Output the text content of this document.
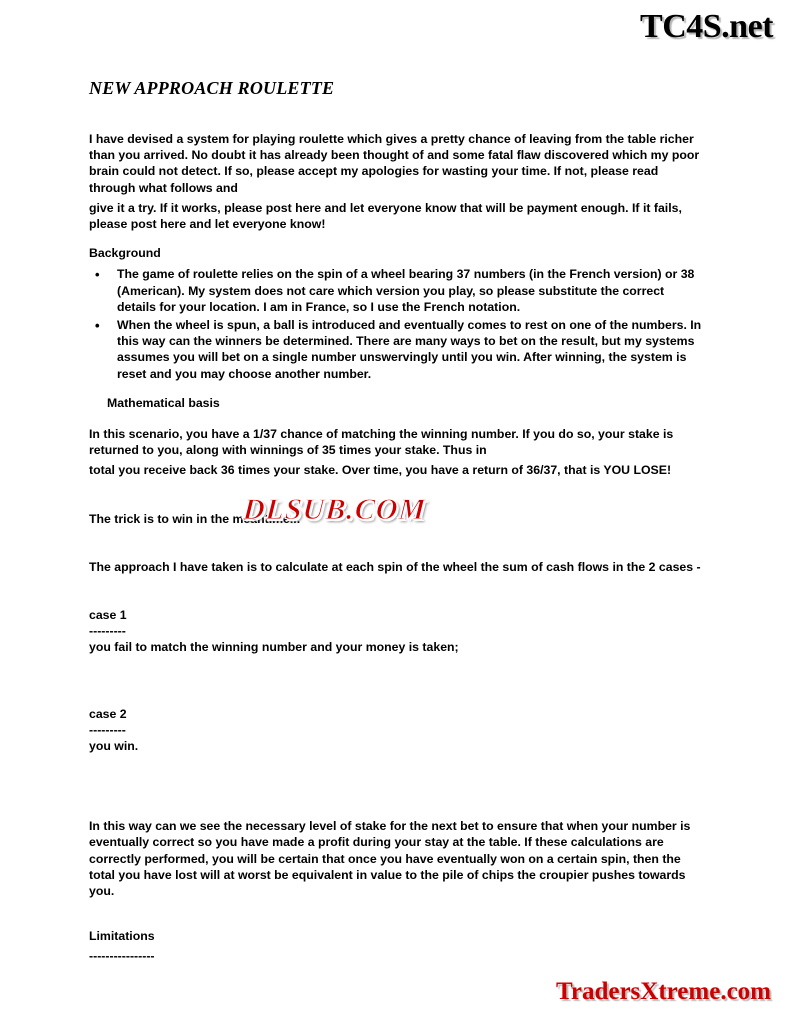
TC4S.net
NEW APPROACH ROULETTE

I have devised a system for playing roulette which gives a pretty chance of leaving from the table richer than you arrived. No doubt it has already been thought of and some fatal flaw discovered which my poor brain could not detect. If so, please accept my apologies for wasting your time. If not, please read through what follows and

give it a try. If it works, please post here and let everyone know that will be payment enough. If it fails, please post here and let everyone know!

Background
• The game of roulette relies on the spin of a wheel bearing 37 numbers (in the French version) or 38 (American). My system does not care which version you play, so please substitute the correct details for your location. I am in France, so I use the French notation.
• When the wheel is spun, a ball is introduced and eventually comes to rest on one of the numbers. In this way can the winners be determined. There are many ways to bet on the result, but my systems assumes you will bet on a single number unswervingly until you win. After winning, the system is reset and you may choose another number.
Mathematical basis

In this scenario, you have a 1/37 chance of matching the winning number. If you do so, your stake is returned to you, along with winnings of 35 times your stake. Thus in

total you receive back 36 times your stake. Over time, you have a return of 36/37, that is YOU LOSE!

The trick is to win in the meantime...

The approach I have taken is to calculate at each spin of the wheel the sum of cash flows in the 2 cases -

case 1
---------
you fail to match the winning number and your money is taken;
case 2
---------
you win.

In this way can we see the necessary level of stake for the next bet to ensure that when your number is eventually correct so you have made a profit during your stay at the table. If these calculations are correctly performed, you will be certain that once you have eventually won on a certain spin, then the total you have lost will at worst be equivalent in value to the pile of chips the croupier pushes towards you.

Limitations
----------------
DLSUB.COM
TradersXtreme.com
